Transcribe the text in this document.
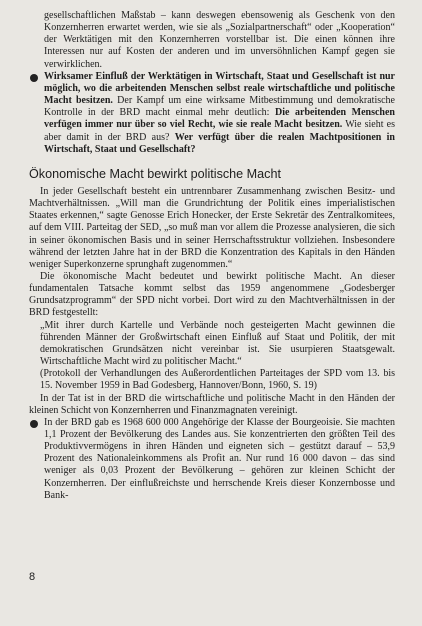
gesellschaftlichen Maßstab – kann deswegen ebensowenig als Geschenk von den Konzernherren erwartet werden, wie sie als „Sozialpartnerschaft“ oder „Kooperation“ der Werktätigen mit den Konzernherren vorstellbar ist. Die einen können ihre Interessen nur auf Kosten der anderen und im unversöhnlichen Kampf gegen sie verwirklichen.

Wirksamer Einfluß der Werktätigen in Wirtschaft, Staat und Gesellschaft ist nur möglich, wo die arbeitenden Menschen selbst reale wirtschaftliche und politische Macht besitzen. Der Kampf um eine wirksame Mitbestimmung und demokratische Kontrolle in der BRD macht einmal mehr deutlich: Die arbeitenden Menschen verfügen immer nur über so viel Recht, wie sie reale Macht besitzen. Wie sieht es aber damit in der BRD aus? Wer verfügt über die realen Machtpositionen in Wirtschaft, Staat und Gesellschaft?

Ökonomische Macht bewirkt politische Macht

In jeder Gesellschaft besteht ein untrennbarer Zusammenhang zwischen Besitz- und Machtverhältnissen. „Will man die Grundrichtung der Politik eines imperialistischen Staates erkennen,“ sagte Genosse Erich Honecker, der Erste Sekretär des Zentralkomitees, auf dem VIII. Parteitag der SED, „so muß man vor allem die Prozesse analysieren, die sich in seiner ökonomischen Basis und in seiner Herrschaftsstruktur vollziehen. Insbesondere während der letzten Jahre hat in der BRD die Konzentration des Kapitals in den Händen weniger Superkonzerne sprunghaft zugenommen.“

Die ökonomische Macht bedeutet und bewirkt politische Macht. An dieser fundamentalen Tatsache kommt selbst das 1959 angenommene „Godesberger Grundsatzprogramm“ der SPD nicht vorbei. Dort wird zu den Machtverhältnissen in der BRD festgestellt:

„Mit ihrer durch Kartelle und Verbände noch gesteigerten Macht gewinnen die führenden Männer der Großwirtschaft einen Einfluß auf Staat und Politik, der mit demokratischen Grundsätzen nicht vereinbar ist. Sie usurpieren Staatsgewalt. Wirtschaftliche Macht wird zu politischer Macht.“

(Protokoll der Verhandlungen des Außerordentlichen Parteitages der SPD vom 13. bis 15. November 1959 in Bad Godesberg, Hannover/Bonn, 1960, S. 19)

In der Tat ist in der BRD die wirtschaftliche und politische Macht in den Händen der kleinen Schicht von Konzernherren und Finanzmagnaten vereinigt.

In der BRD gab es 1968 600 000 Angehörige der Klasse der Bourgeoisie. Sie machten 1,1 Prozent der Bevölkerung des Landes aus. Sie konzentrierten den größten Teil des Produktivvermögens in ihren Händen und eigneten sich – gestützt darauf – 53,9 Prozent des Nationaleinkommens als Profit an. Nur rund 16 000 davon – das sind weniger als 0,03 Prozent der Bevölkerung – gehören zur kleinen Schicht der Konzernherren. Der einflußreichste und herrschende Kreis dieser Konzernbosse und Bank-

8
